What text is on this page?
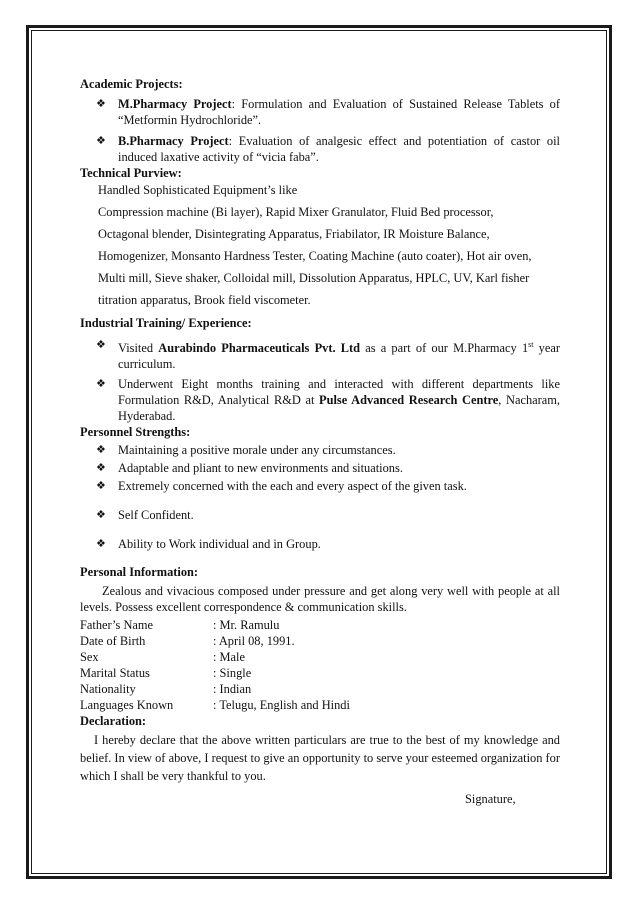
Academic Projects:
❖ M.Pharmacy Project: Formulation and Evaluation of Sustained Release Tablets of “Metformin Hydrochloride”.
❖ B.Pharmacy Project: Evaluation of analgesic effect and potentiation of castor oil induced laxative activity of “vicia faba”.
Technical Purview:
Handled Sophisticated Equipment’s like
Compression machine (Bi layer), Rapid Mixer Granulator, Fluid Bed processor,
Octagonal blender, Disintegrating Apparatus, Friabilator, IR Moisture Balance,
Homogenizer, Monsanto Hardness Tester, Coating Machine (auto coater), Hot air oven,
Multi mill, Sieve shaker, Colloidal mill, Dissolution Apparatus, HPLC, UV, Karl fisher
titration apparatus, Brook field viscometer.
Industrial Training/ Experience:
❖ Visited Aurabindo Pharmaceuticals Pvt. Ltd as a part of our M.Pharmacy 1st year curriculum.
❖ Underwent Eight months training and interacted with different departments like Formulation R&D, Analytical R&D at Pulse Advanced Research Centre, Nacharam, Hyderabad.
Personnel Strengths:
❖ Maintaining a positive morale under any circumstances.
❖ Adaptable and pliant to new environments and situations.
❖ Extremely concerned with the each and every aspect of the given task.
❖ Self Confident.
❖ Ability to Work individual and in Group.
Personal Information:
Zealous and vivacious composed under pressure and get along very well with people at all levels. Possess excellent correspondence & communication skills.
Father’s Name	: Mr. Ramulu
Date of Birth	: April 08, 1991.
Sex	: Male
Marital Status	: Single
Nationality	: Indian
Languages Known	: Telugu, English and Hindi
Declaration:
I hereby declare that the above written particulars are true to the best of my knowledge and belief. In view of above, I request to give an opportunity to serve your esteemed organization for which I shall be very thankful to you.
Signature,
